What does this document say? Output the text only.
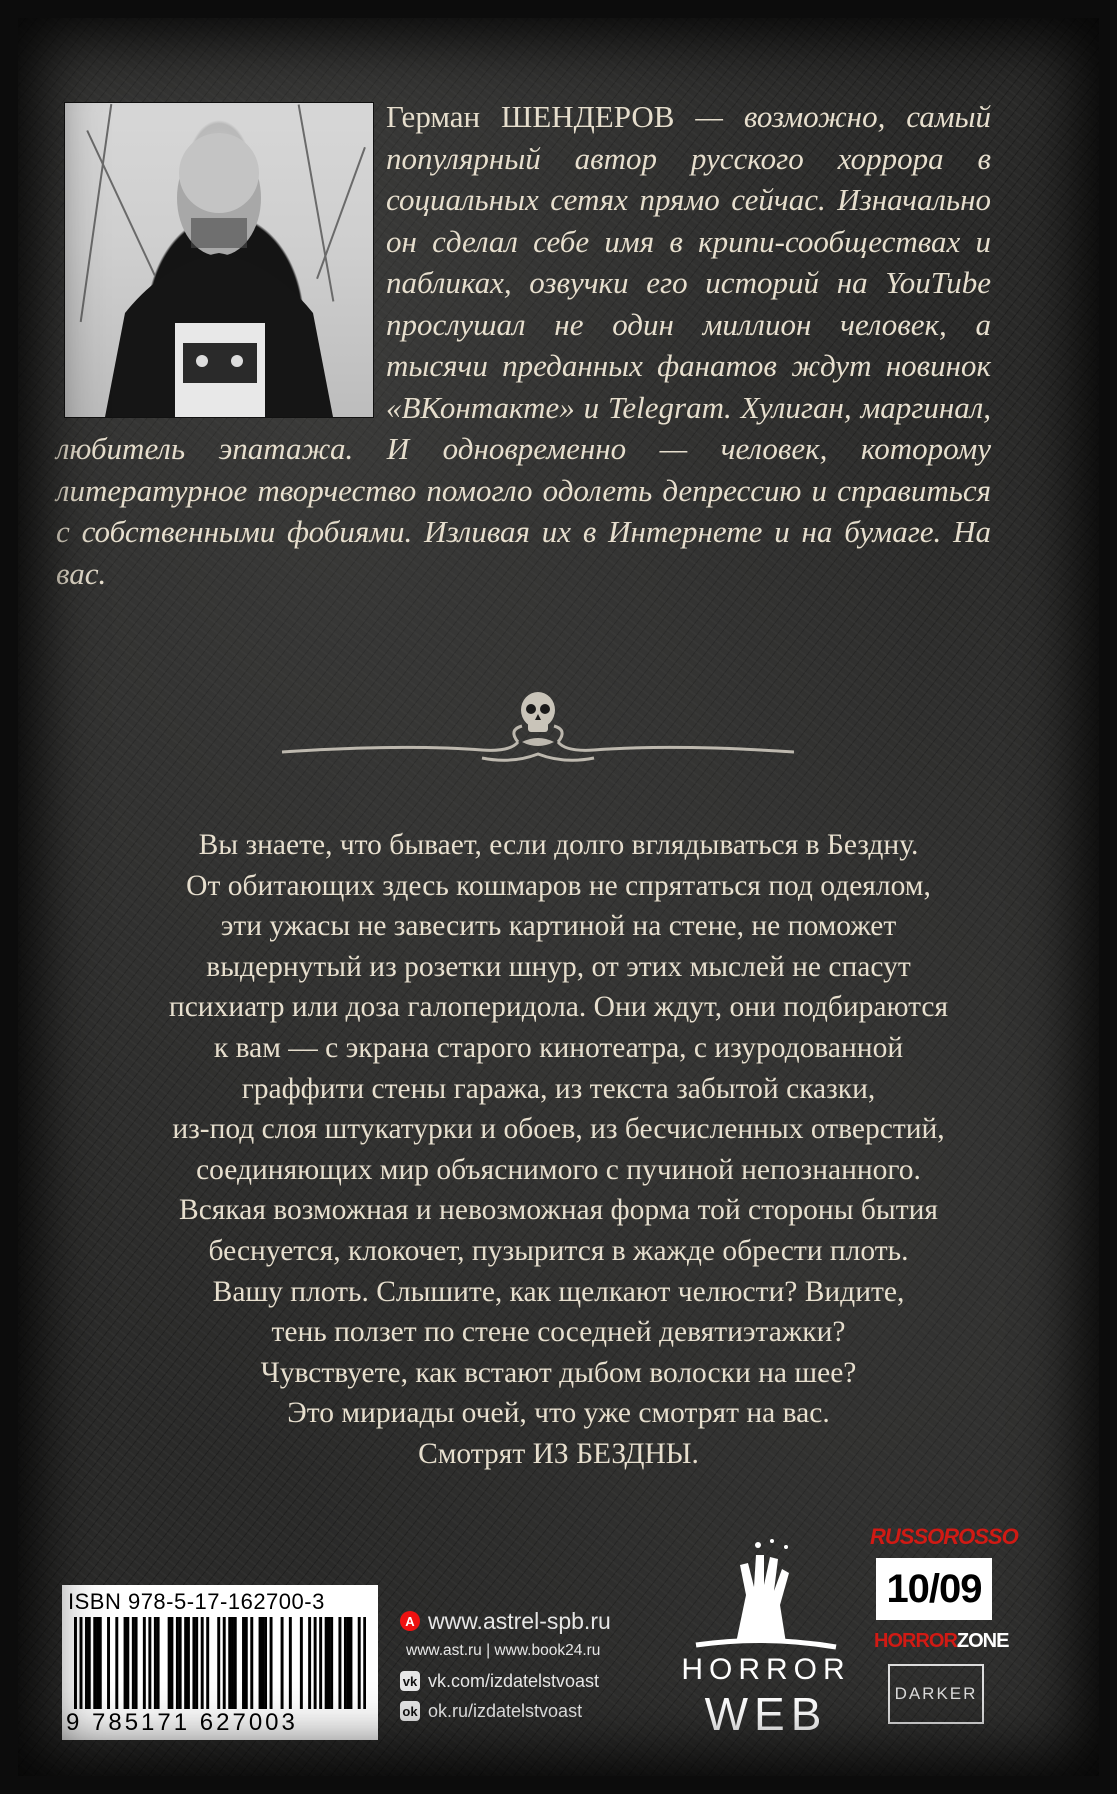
Герман ШЕНДЕРОВ — возможно, самый популярный автор русского хоррора в социальных сетях прямо сейчас. Изначально он сделал себе имя в крипи-сообществах и пабликах, озвучки его историй на YouTube прослушал не один миллион человек, а тысячи преданных фанатов ждут новинок «ВКонтакте» и Telegram. Хулиган, маргинал, любитель эпатажа. И одновременно — человек, которому литературное творчество помогло одолеть депрессию и справиться с собственными фобиями. Изливая их в Интернете и на бумаге. На вас.

Вы знаете, что бывает, если долго вглядываться в Бездну.

От обитающих здесь кошмаров не спрятаться под одеялом,

эти ужасы не завесить картиной на стене, не поможет

выдернутый из розетки шнур, от этих мыслей не спасут

психиатр или доза галоперидола. Они ждут, они подбираются

к вам — с экрана старого кинотеатра, с изуродованной

граффити стены гаража, из текста забытой сказки,

из-под слоя штукатурки и обоев, из бесчисленных отверстий,

соединяющих мир объяснимого с пучиной непознанного.

Всякая возможная и невозможная форма той стороны бытия

беснуется, клокочет, пузырится в жажде обрести плоть.

Вашу плоть. Слышите, как щелкают челюсти? Видите,

тень ползет по стене соседней девятиэтажки?

Чувствуете, как встают дыбом волоски на шее?

Это мириады очей, что уже смотрят на вас.

Смотрят ИЗ БЕЗДНЫ.

ISBN 978-5-17-162700-3
9 785171 627003
A www.astrel-spb.ru
www.ast.ru | www.book24.ru
vk vk.com/izdatelstvoast
ok ok.ru/izdatelstvoast
HORROR
WEB
RUSSOROSSO
10/09
HORRORZONE
DARKER
